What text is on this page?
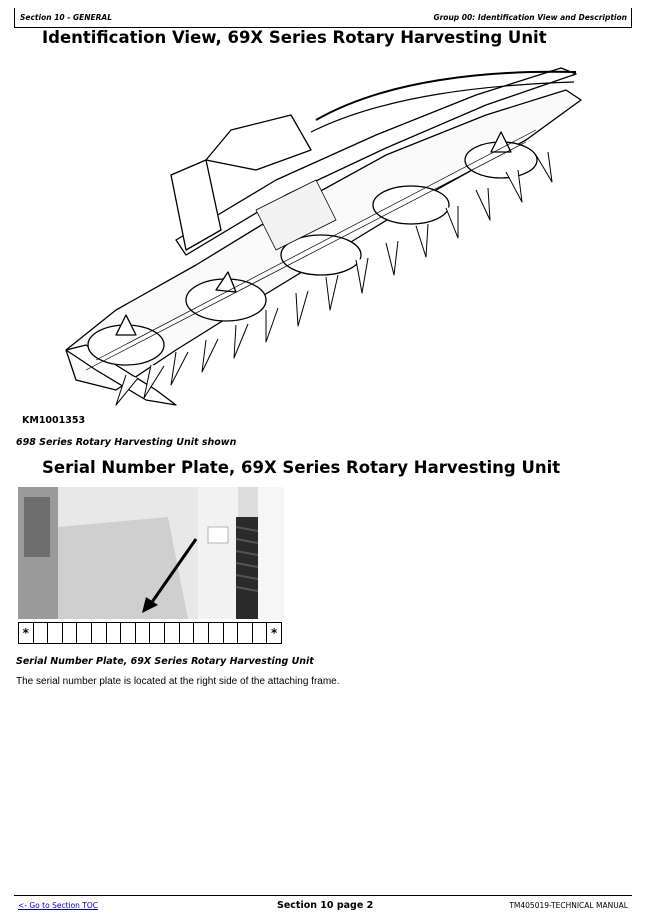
Section 10 - GENERAL	Group 00: Identification View and Description
Identification View, 69X Series Rotary Harvesting Unit
KM1001353
698 Series Rotary Harvesting Unit shown
Serial Number Plate, 69X Series Rotary Harvesting Unit
*	*
Serial Number Plate, 69X Series Rotary Harvesting Unit
The serial number plate is located at the right side of the attaching frame.
<- Go to Section TOC	Section 10 page 2	TM405019-TECHNICAL MANUAL
